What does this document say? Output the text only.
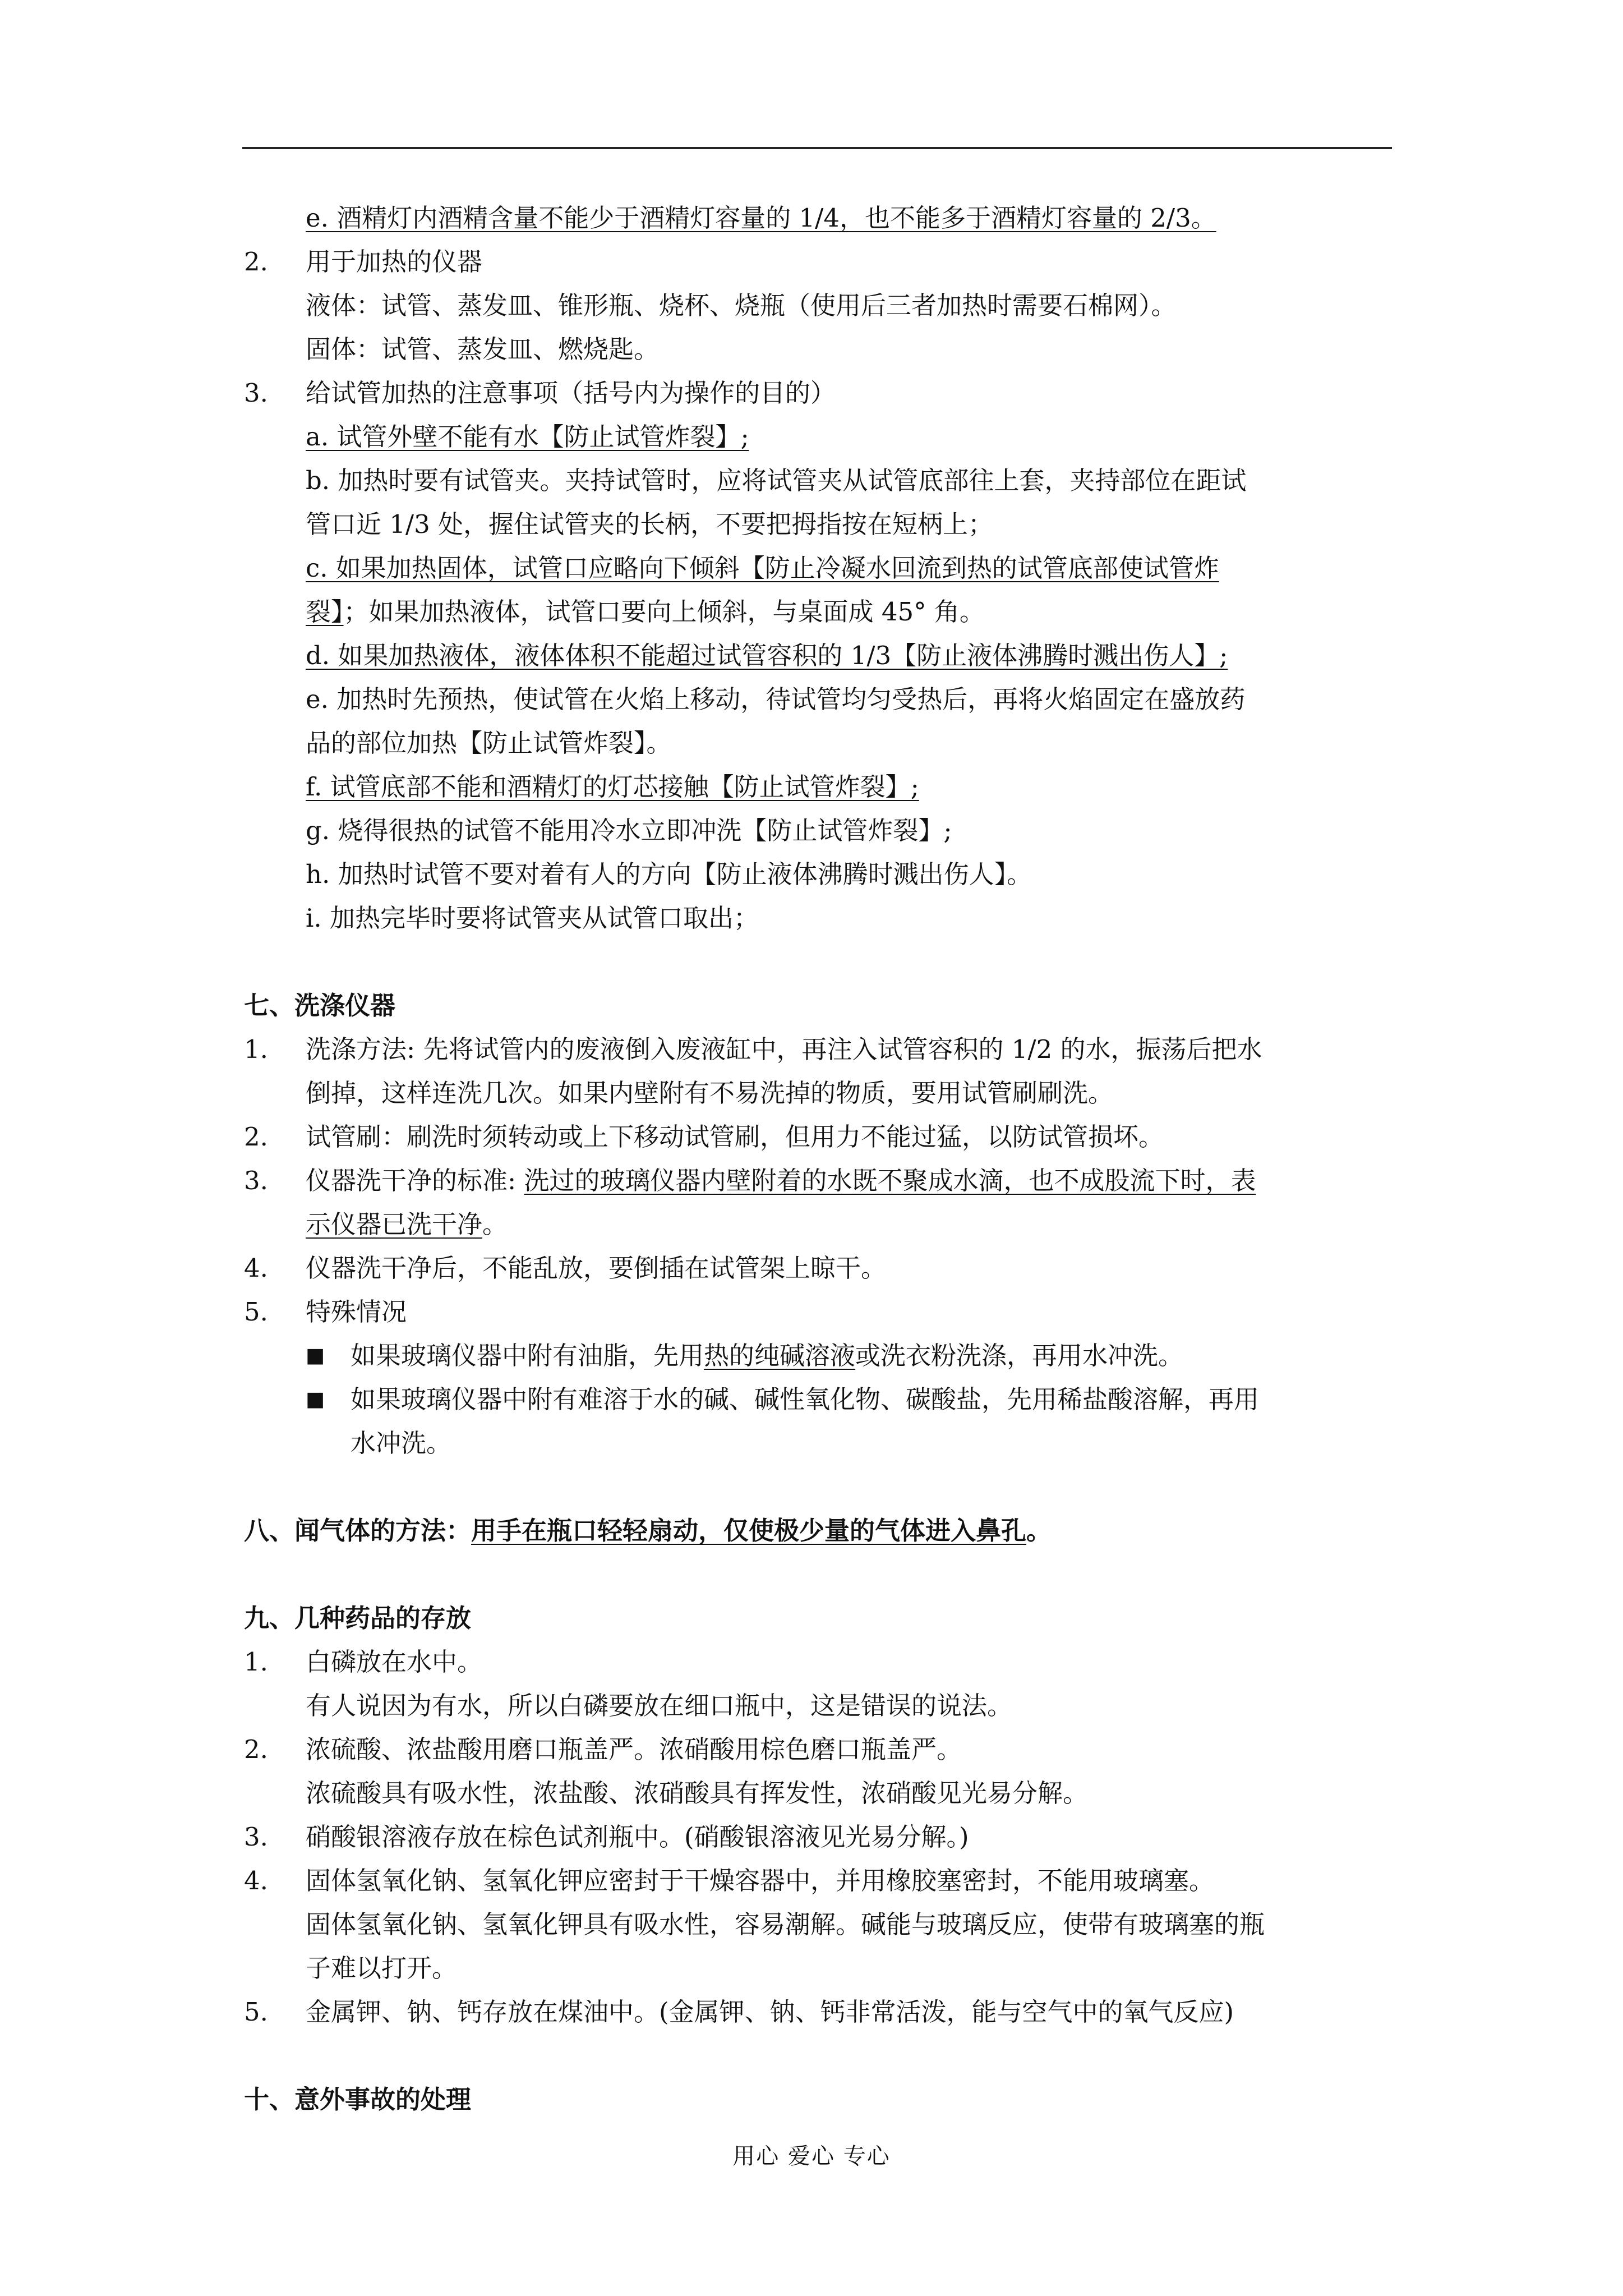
e. 酒精灯内酒精含量不能少于酒精灯容量的 1/4，也不能多于酒精灯容量的 2/3。

2. 用于加热的仪器

液体：试管、蒸发皿、锥形瓶、烧杯、烧瓶（使用后三者加热时需要石棉网）。

固体：试管、蒸发皿、燃烧匙。

3. 给试管加热的注意事项（括号内为操作的目的）

a. 试管外壁不能有水【防止试管炸裂】;

b. 加热时要有试管夹。夹持试管时，应将试管夹从试管底部往上套，夹持部位在距试

管口近 1/3 处，握住试管夹的长柄，不要把拇指按在短柄上；

c. 如果加热固体，试管口应略向下倾斜【防止冷凝水回流到热的试管底部使试管炸

裂】；如果加热液体，试管口要向上倾斜，与桌面成 45° 角。

d. 如果加热液体，液体体积不能超过试管容积的 1/3【防止液体沸腾时溅出伤人】;

e. 加热时先预热，使试管在火焰上移动，待试管均匀受热后，再将火焰固定在盛放药

品的部位加热【防止试管炸裂】。

f. 试管底部不能和酒精灯的灯芯接触【防止试管炸裂】;

g. 烧得很热的试管不能用冷水立即冲洗【防止试管炸裂】;

h. 加热时试管不要对着有人的方向【防止液体沸腾时溅出伤人】。

i. 加热完毕时要将试管夹从试管口取出；

七、洗涤仪器

1. 洗涤方法: 先将试管内的废液倒入废液缸中，再注入试管容积的 1/2 的水，振荡后把水

倒掉，这样连洗几次。如果内壁附有不易洗掉的物质，要用试管刷刷洗。

2. 试管刷：刷洗时须转动或上下移动试管刷，但用力不能过猛，以防试管损坏。

3. 仪器洗干净的标准: 洗过的玻璃仪器内壁附着的水既不聚成水滴，也不成股流下时，表

示仪器已洗干净。

4. 仪器洗干净后，不能乱放，要倒插在试管架上晾干。

5. 特殊情况

■ 如果玻璃仪器中附有油脂，先用热的纯碱溶液或洗衣粉洗涤，再用水冲洗。

■ 如果玻璃仪器中附有难溶于水的碱、碱性氧化物、碳酸盐，先用稀盐酸溶解，再用

水冲洗。

八、闻气体的方法：用手在瓶口轻轻扇动，仅使极少量的气体进入鼻孔。

九、几种药品的存放

1. 白磷放在水中。

有人说因为有水，所以白磷要放在细口瓶中，这是错误的说法。

2. 浓硫酸、浓盐酸用磨口瓶盖严。浓硝酸用棕色磨口瓶盖严。

浓硫酸具有吸水性，浓盐酸、浓硝酸具有挥发性，浓硝酸见光易分解。

3. 硝酸银溶液存放在棕色试剂瓶中。(硝酸银溶液见光易分解。)

4. 固体氢氧化钠、氢氧化钾应密封于干燥容器中，并用橡胶塞密封，不能用玻璃塞。

固体氢氧化钠、氢氧化钾具有吸水性，容易潮解。碱能与玻璃反应，使带有玻璃塞的瓶

子难以打开。

5. 金属钾、钠、钙存放在煤油中。(金属钾、钠、钙非常活泼，能与空气中的氧气反应)

十、意外事故的处理

用心 爱心 专心
